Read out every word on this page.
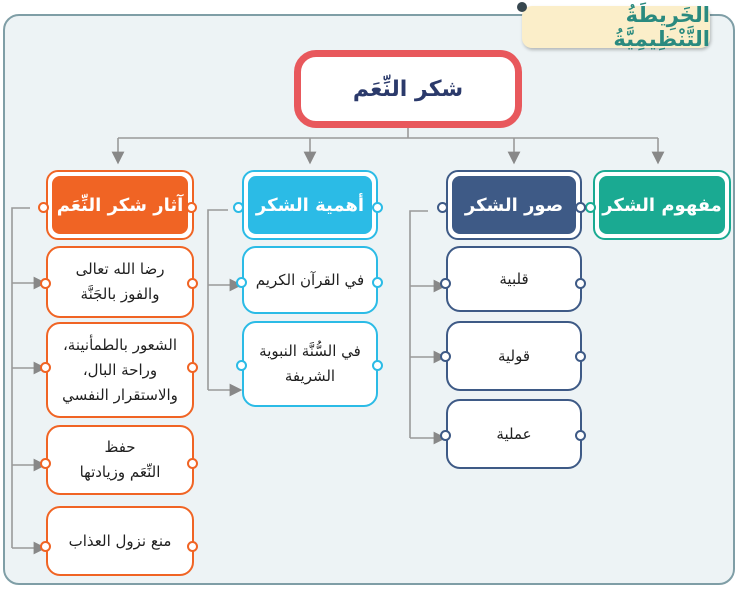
الخَرِيطَةُ التَّنْظِيمِيَّةُ
شكر النِّعَم
مفهوم الشكر
صور الشكر
قلبية
قولية
عملية
أهمية الشكر
في القرآن الكريم
في السُّنَّة النبوية
الشريفة
آثار شكر النِّعَم
رضا الله تعالى
والفوز بالجَنَّة
الشعور بالطمأنينة،
وراحة البال،
والاستقرار النفسي
حفظ
النِّعَم وزيادتها
منع نزول العذاب
